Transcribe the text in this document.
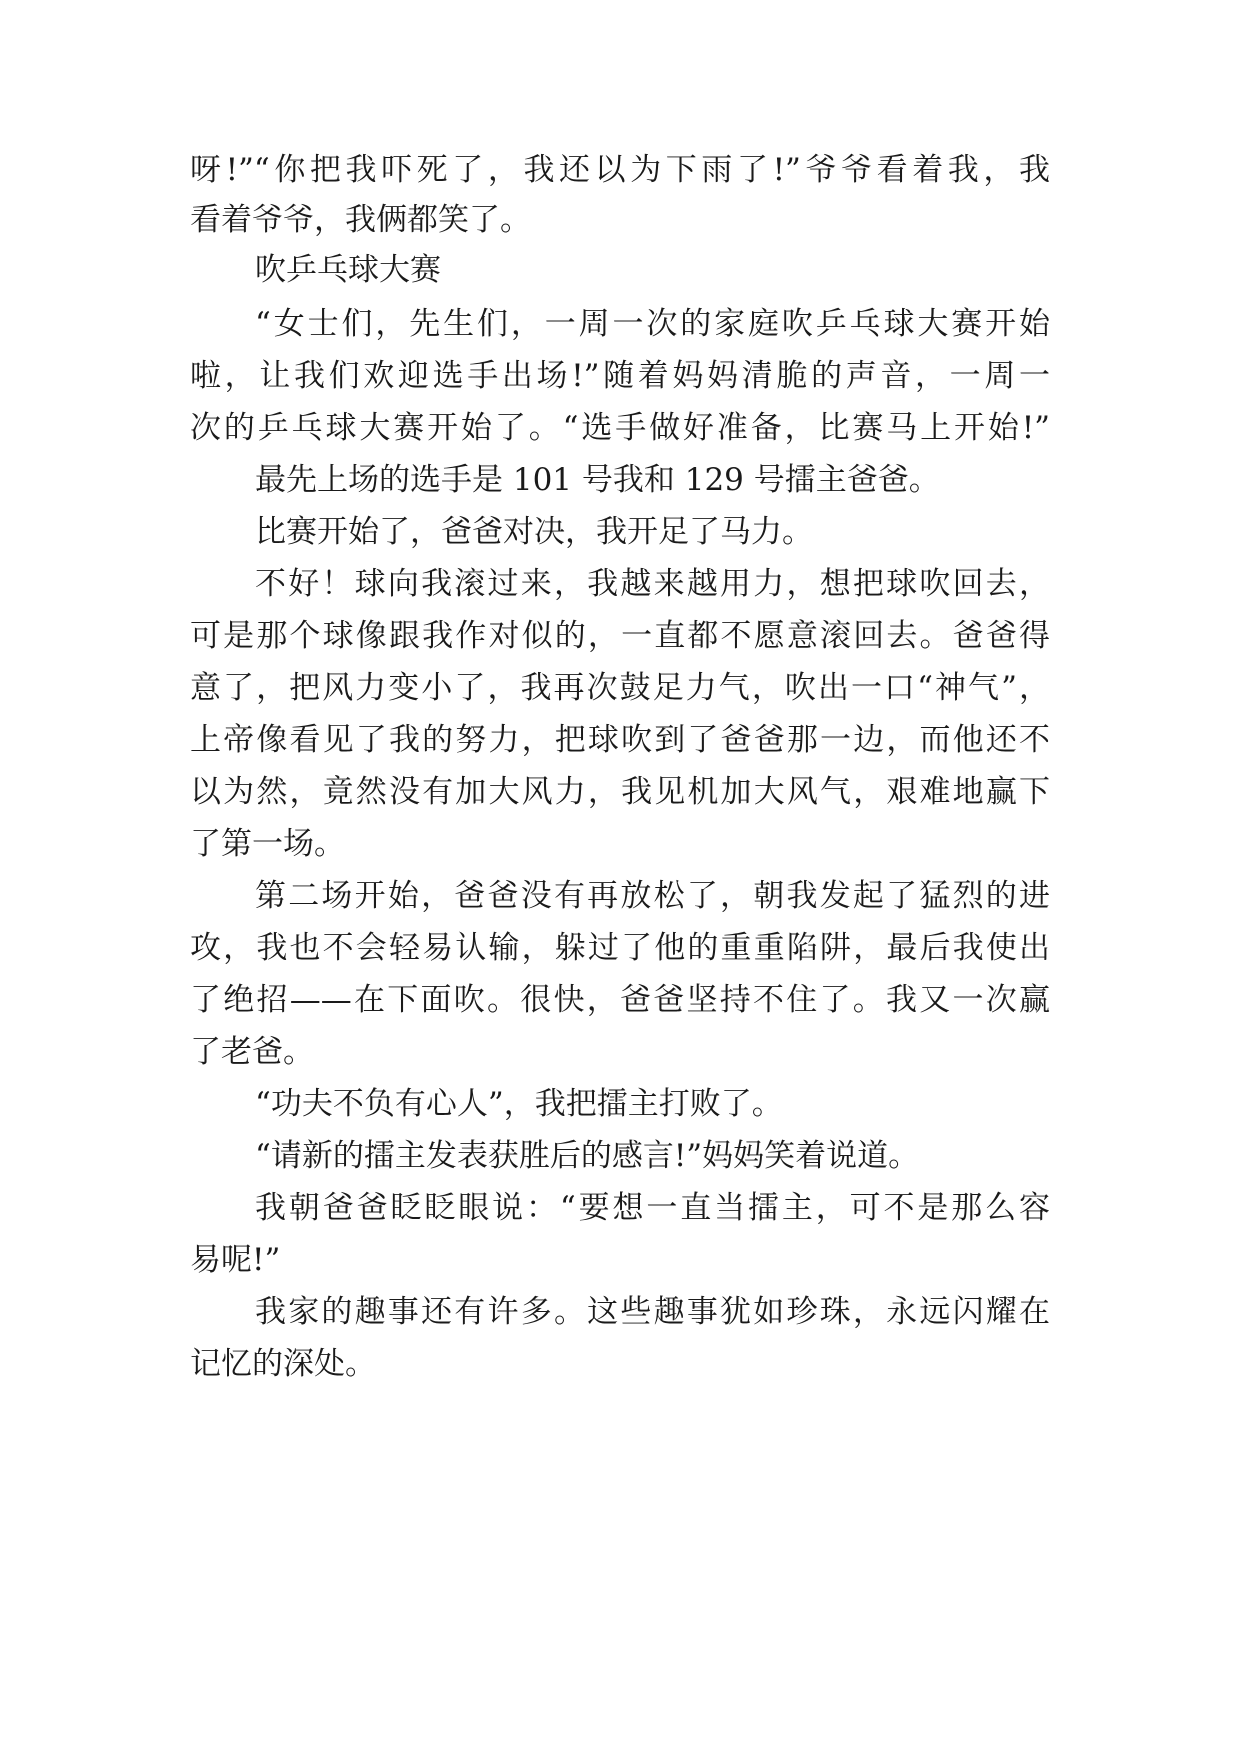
呀!”“你把我吓死了，我还以为下雨了!”爷爷看着我，我
看着爷爷，我俩都笑了。
吹乒乓球大赛
“女士们，先生们，一周一次的家庭吹乒乓球大赛开始
啦，让我们欢迎选手出场!”随着妈妈清脆的声音，一周一
次的乒乓球大赛开始了。“选手做好准备，比赛马上开始!”
最先上场的选手是 101 号我和 129 号擂主爸爸。
比赛开始了，爸爸对决，我开足了马力。
不好！球向我滚过来，我越来越用力，想把球吹回去，
可是那个球像跟我作对似的，一直都不愿意滚回去。爸爸得
意了，把风力变小了，我再次鼓足力气，吹出一口“神气”，
上帝像看见了我的努力，把球吹到了爸爸那一边，而他还不
以为然，竟然没有加大风力，我见机加大风气，艰难地赢下
了第一场。
第二场开始，爸爸没有再放松了，朝我发起了猛烈的进
攻，我也不会轻易认输，躲过了他的重重陷阱，最后我使出
了绝招——在下面吹。很快，爸爸坚持不住了。我又一次赢
了老爸。
“功夫不负有心人”，我把擂主打败了。
“请新的擂主发表获胜后的感言!”妈妈笑着说道。
我朝爸爸眨眨眼说：“要想一直当擂主，可不是那么容
易呢!”
我家的趣事还有许多。这些趣事犹如珍珠，永远闪耀在
记忆的深处。
